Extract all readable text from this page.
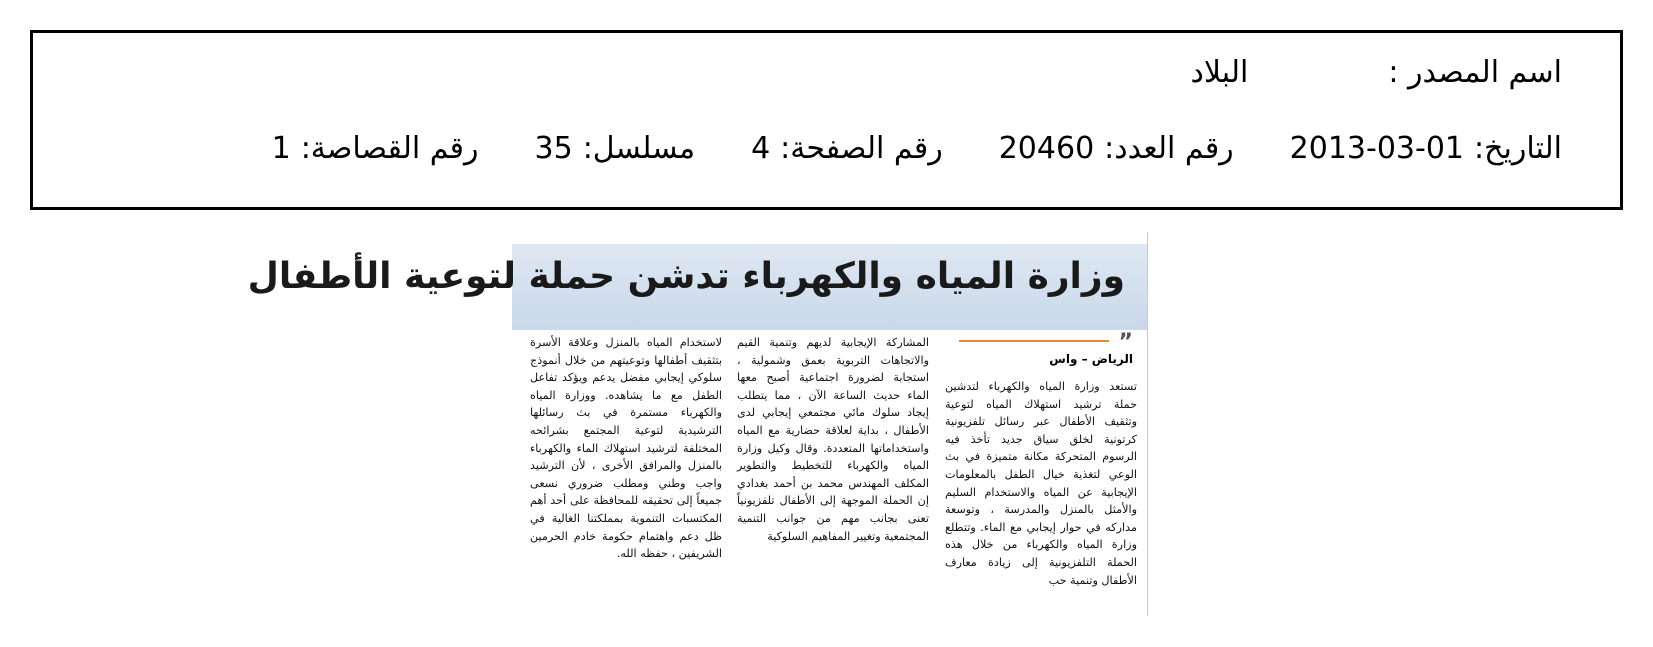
اسم المصدر :
البلاد
التاريخ:
2013-03-01
رقم العدد:
20460
رقم الصفحة:
4
مسلسل:
35
رقم القصاصة:
1
وزارة المياه والكهرباء تدشن حملة لتوعية الأطفال
”
الرياض – واس

تستعد وزارة المياه والكهرباء لتدشين حملة ترشيد استهلاك المياه لتوعية وتثقيف الأطفال عبر رسائل تلفزيونية كرتونية لخلق سياق جديد تأخذ فيه الرسوم المتحركة مكانة متميزة في بث الوعي لتغذية خيال الطفل بالمعلومات الإيجابية عن المياه والاستخدام السليم والأمثل بالمنزل والمدرسة ، وتوسعة مداركه في حوار إيجابي مع الماء. وتتطلع وزارة المياه والكهرباء من خلال هذه الحملة التلفزيونية إلى زيادة معارف الأطفال وتنمية حب

المشاركة الإيجابية لديهم وتنمية القيم والاتجاهات التربوية بعمق وشمولية ، استجابة لضرورة اجتماعية أصبح معها الماء حديث الساعة الآن ، مما يتطلب إيجاد سلوك مائي مجتمعي إيجابي لدى الأطفال ، بداية لعلاقة حضارية مع المياه واستخداماتها المتعددة. وقال وكيل وزارة المياه والكهرباء للتخطيط والتطوير المكلف المهندس محمد بن أحمد بغدادي إن الحملة الموجهة إلى الأطفال تلفزيونياً تعنى بجانب مهم من جوانب التنمية المجتمعية وتغيير المفاهيم السلوكية

لاستخدام المياه بالمنزل وعلاقة الأسرة بتثقيف أطفالها وتوعيتهم من خلال أنموذج سلوكي إيجابي مفضل يدعم ويؤكد تفاعل الطفل مع ما يشاهده. ووزارة المياه والكهرباء مستمرة في بث رسائلها الترشيدية لتوعية المجتمع بشرائحه المختلفة لترشيد استهلاك الماء والكهرباء بالمنزل والمرافق الأخرى ، لأن الترشيد واجب وطني ومطلب ضروري نسعى جميعاً إلى تحقيقه للمحافظة على أحد أهم المكتسبات التنموية بمملكتنا الغالية في ظل دعم واهتمام حكومة خادم الحرمين الشريفين ، حفظه الله.
